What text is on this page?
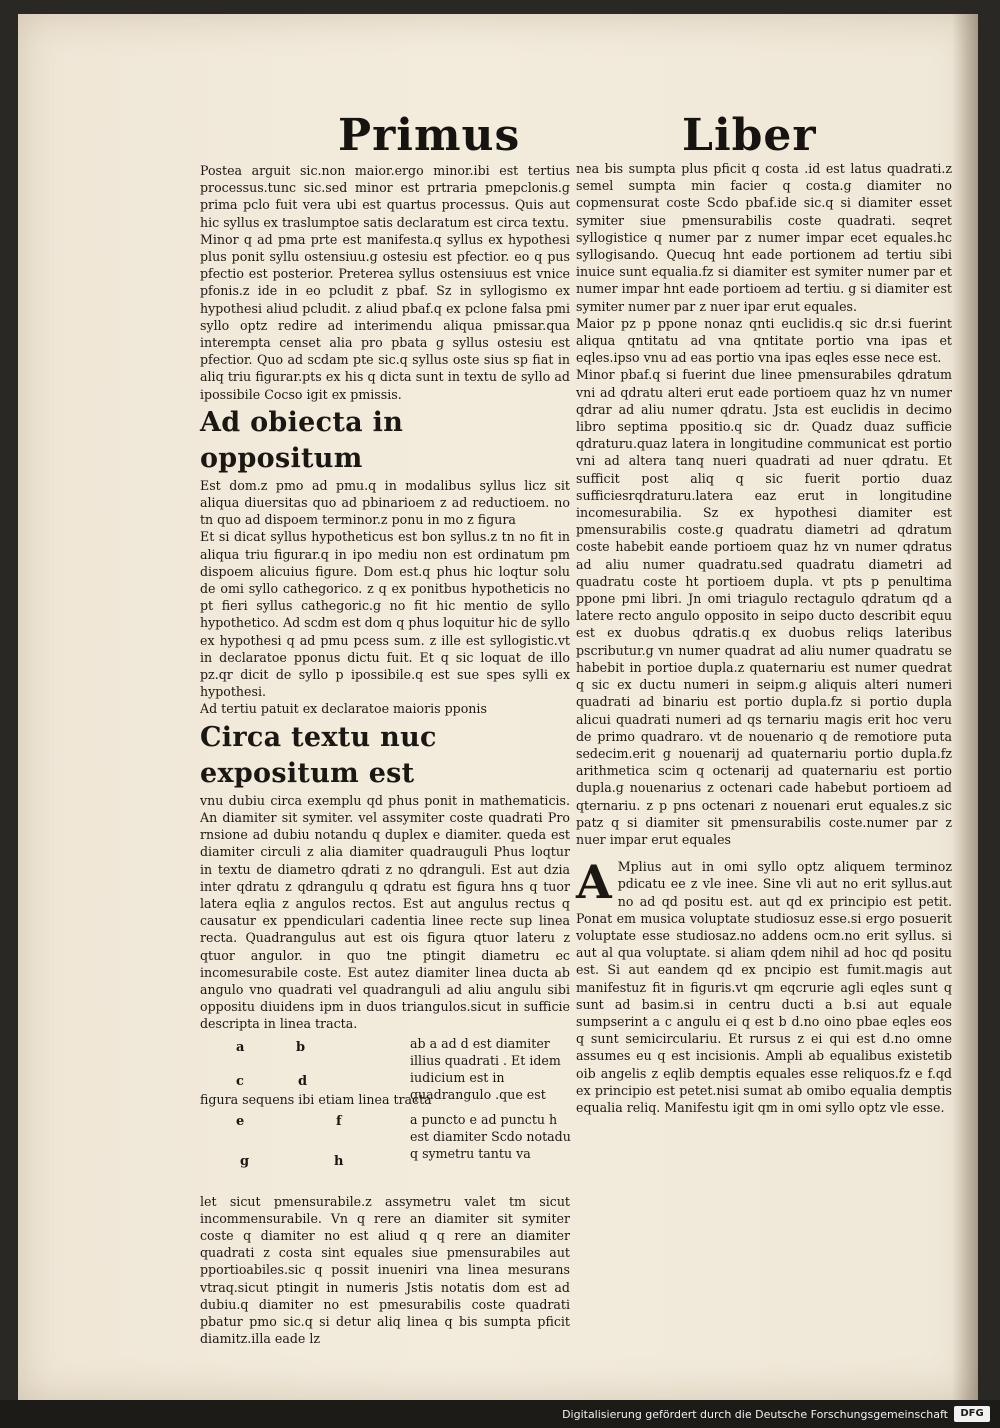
Primus	Liber

Postea arguit sic.non maior.ergo minor.ibi est tertius processus.tunc sic.sed minor est prtraria pmepclonis.g prima pclo fuit vera ubi est quartus processus. Quis aut hic syllus ex traslumptoe satis declaratum est circa textu.

Minor q ad pma prte est manifesta.q syllus ex hypothesi plus ponit syllu ostensiuu.g ostesiu est pfectior. eo q pus pfectio est posterior. Preterea syllus ostensiuus est vnice pfonis.z ide in eo pcludit z pbaf. Sz in syllogismo ex hypothesi aliud pcludit. z aliud pbaf.q ex pclone falsa pmi syllo optz redire ad interimendu aliqua pmissar.qua interempta censet alia pro pbata g syllus ostesiu est pfectior. Quo ad scdam pte sic.q syllus oste sius sp fiat in aliq triu figurar.pts ex his q dicta sunt in textu de syllo ad ipossibile Cocso igit ex pmissis.

Ad obiecta in oppositum

Est dom.z pmo ad pmu.q in modalibus syllus licz sit aliqua diuersitas quo ad pbinarioem z ad reductioem. no tn quo ad dispoem terminor.z ponu in mo z figura

Et si dicat syllus hypotheticus est bon syllus.z tn no fit in aliqua triu figurar.q in ipo mediu non est ordinatum pm dispoem alicuius figure. Dom est.q phus hic loqtur solu de omi syllo cathegorico. z q ex ponitbus hypotheticis no pt fieri syllus cathegoric.g no fit hic mentio de syllo hypothetico. Ad scdm est dom q phus loquitur hic de syllo ex hypothesi q ad pmu pcess sum. z ille est syllogistic.vt in declaratoe pponus dictu fuit. Et q sic loquat de illo pz.qr dicit de syllo p ipossibile.q est sue spes sylli ex hypothesi.

Ad tertiu patuit ex declaratoe maioris pponis

Circa textu nuc expositum est

vnu dubiu circa exemplu qd phus ponit in mathematicis. An diamiter sit symiter. vel assymiter coste quadrati Pro rnsione ad dubiu notandu q duplex e diamiter. queda est diamiter circuli z alia diamiter quadrauguli Phus loqtur in textu de diametro qdrati z no qdranguli. Est aut dzia inter qdratu z qdrangulu q qdratu est figura hns q tuor latera eqlia z angulos rectos. Est aut angulus rectus q causatur ex ppendiculari cadentia linee recte sup linea recta. Quadrangulus aut est ois figura qtuor lateru z qtuor angulor. in quo tne ptingit diametru ec incomesurabile coste. Est autez diamiter linea ducta ab angulo vno quadrati vel quadranguli ad aliu angulu sibi oppositu diuidens ipm in duos triangulos.sicut in sufficie descripta in linea tracta.

a	b	ab a ad d est diamiter illius quadrati . Et idem iudicium est in quadrangulo .que est
c	d
figura sequens ibi etiam linea tracta
e	f	a puncto e ad punctu h est diamiter Scdo notadu q symetru tantu va
g	h

let sicut pmensurabile.z assymetru valet tm sicut incommensurabile. Vn q rere an diamiter sit symiter coste q diamiter no est aliud q q rere an diamiter quadrati z costa sint equales siue pmensurabiles aut pportioabiles.sic q possit inueniri vna linea mesurans vtraq.sicut ptingit in numeris Jstis notatis dom est ad dubiu.q diamiter no est pmesurabilis coste quadrati pbatur pmo sic.q si detur aliq linea q bis sumpta pficit diamitz.illa eade lz

nea bis sumpta plus pficit q costa .id est latus quadrati.z semel sumpta min facier q costa.g diamiter no copmensurat coste Scdo pbaf.ide sic.q si diamiter esset symiter siue pmensurabilis coste quadrati. seqret syllogistice q numer par z numer impar ecet equales.hc syllogisando. Quecuq hnt eade portionem ad tertiu sibi inuice sunt equalia.fz si diamiter est symiter numer par et numer impar hnt eade portioem ad tertiu. g si diamiter est symiter numer par z nuer ipar erut equales.

Maior pz p ppone nonaz qnti euclidis.q sic dr.si fuerint aliqua qntitatu ad vna qntitate portio vna ipas et eqles.ipso vnu ad eas portio vna ipas eqles esse nece est.

Minor pbaf.q si fuerint due linee pmensurabiles qdratum vni ad qdratu alteri erut eade portioem quaz hz vn numer qdrar ad aliu numer qdratu. Jsta est euclidis in decimo libro septima ppositio.q sic dr. Quadz duaz sufficie qdraturu.quaz latera in longitudine communicat est portio vni ad altera tanq nueri quadrati ad nuer qdratu. Et sufficit post aliq q sic fuerit portio duaz sufficiesrqdraturu.latera eaz erut in longitudine incomesurabilia. Sz ex hypothesi diamiter est pmensurabilis coste.g quadratu diametri ad qdratum coste habebit eande portioem quaz hz vn numer qdratus ad aliu numer quadratu.sed quadratu diametri ad quadratu coste ht portioem dupla. vt pts p penultima ppone pmi libri. Jn omi triagulo rectagulo qdratum qd a latere recto angulo opposito in seipo ducto describit equu est ex duobus qdratis.q ex duobus reliqs lateribus pscributur.g vn numer quadrat ad aliu numer quadratu se habebit in portioe dupla.z quaternariu est numer quedrat q sic ex ductu numeri in seipm.g aliquis alteri numeri quadrati ad binariu est portio dupla.fz si portio dupla alicui quadrati numeri ad qs ternariu magis erit hoc veru de primo quadraro. vt de nouenario q de remotiore puta sedecim.erit g nouenarij ad quaternariu portio dupla.fz arithmetica scim q octenarij ad quaternariu est portio dupla.g nouenarius z octenari cade habebut portioem ad qternariu. z p pns octenari z nouenari erut equales.z sic patz q si diamiter sit pmensurabilis coste.numer par z nuer impar erut equales

A Mplius aut in omi syllo optz aliquem terminoz pdicatu ee z vle inee. Sine vli aut no erit syllus.aut no ad qd positu est. aut qd ex principio est petit. Ponat em musica voluptate studiosuz esse.si ergo posuerit voluptate esse studiosaz.no addens ocm.no erit syllus. si aut al qua voluptate. si aliam qdem nihil ad hoc qd positu est. Si aut eandem qd ex pncipio est fumit.magis aut manifestuz fit in figuris.vt qm eqcrurie agli eqles sunt q sunt ad basim.si in centru ducti a b.si aut equale sumpserint a c angulu ei q est b d.no oino pbae eqles eos q sunt semicirculariu. Et rursus z ei qui est d.no omne assumes eu q est incisionis. Ampli ab equalibus existetib oib angelis z eqlib demptis equales esse reliquos.fz e f.qd ex principio est petet.nisi sumat ab omibo equalia demptis equalia reliq. Manifestu igit qm in omi syllo optz vle esse.

Digitalisierung gefördert durch die Deutsche Forschungsgemeinschaft	DFG
